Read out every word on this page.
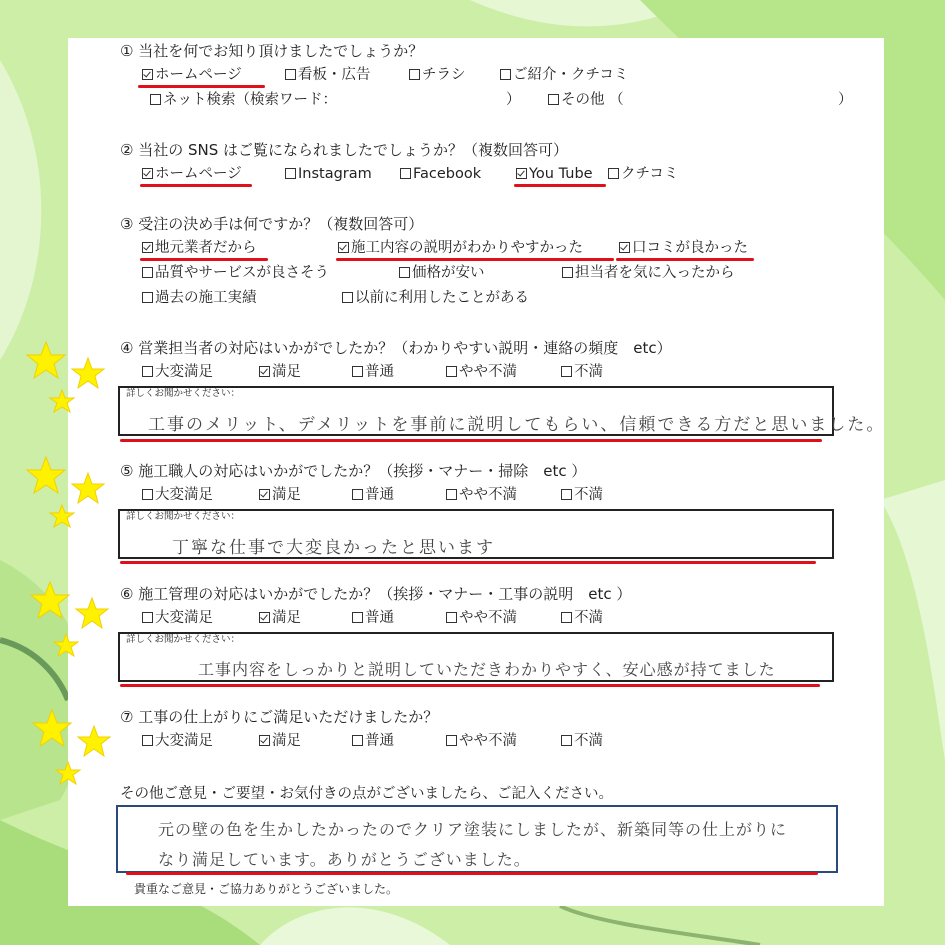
① 当社を何でお知り頂けましたでしょうか？
ホームページ	看板・広告	チラシ	ご紹介・クチコミ
ネット検索（検索ワード：	）	その他 （	）
② 当社の SNS はご覧になられましたでしょうか？（複数回答可）
ホームページ	Instagram	Facebook	You Tube	クチコミ
③ 受注の決め手は何ですか？（複数回答可）
地元業者だから	施工内容の説明がわかりやすかった	口コミが良かった
品質やサービスが良さそう	価格が安い	担当者を気に入ったから
過去の施工実績	以前に利用したことがある
④ 営業担当者の対応はいかがでしたか？（わかりやすい説明・連絡の頻度　etc）
大変満足	満足	普通	やや不満	不満
詳しくお聞かせください：
工事のメリット、デメリットを事前に説明してもらい、信頼できる方だと思いました。
⑤ 施工職人の対応はいかがでしたか？（挨拶・マナー・掃除　etc ）
大変満足	満足	普通	やや不満	不満
詳しくお聞かせください：
丁寧な仕事で大変良かったと思います
⑥ 施工管理の対応はいかがでしたか？（挨拶・マナー・工事の説明　etc ）
大変満足	満足	普通	やや不満	不満
詳しくお聞かせください：
工事内容をしっかりと説明していただきわかりやすく、安心感が持てました
⑦ 工事の仕上がりにご満足いただけましたか？
大変満足	満足	普通	やや不満	不満
その他ご意見・ご要望・お気付きの点がございましたら、ご記入ください。
元の壁の色を生かしたかったのでクリア塗装にしましたが、新築同等の仕上がりに
なり満足しています。ありがとうございました。
貴重なご意見・ご協力ありがとうございました。
